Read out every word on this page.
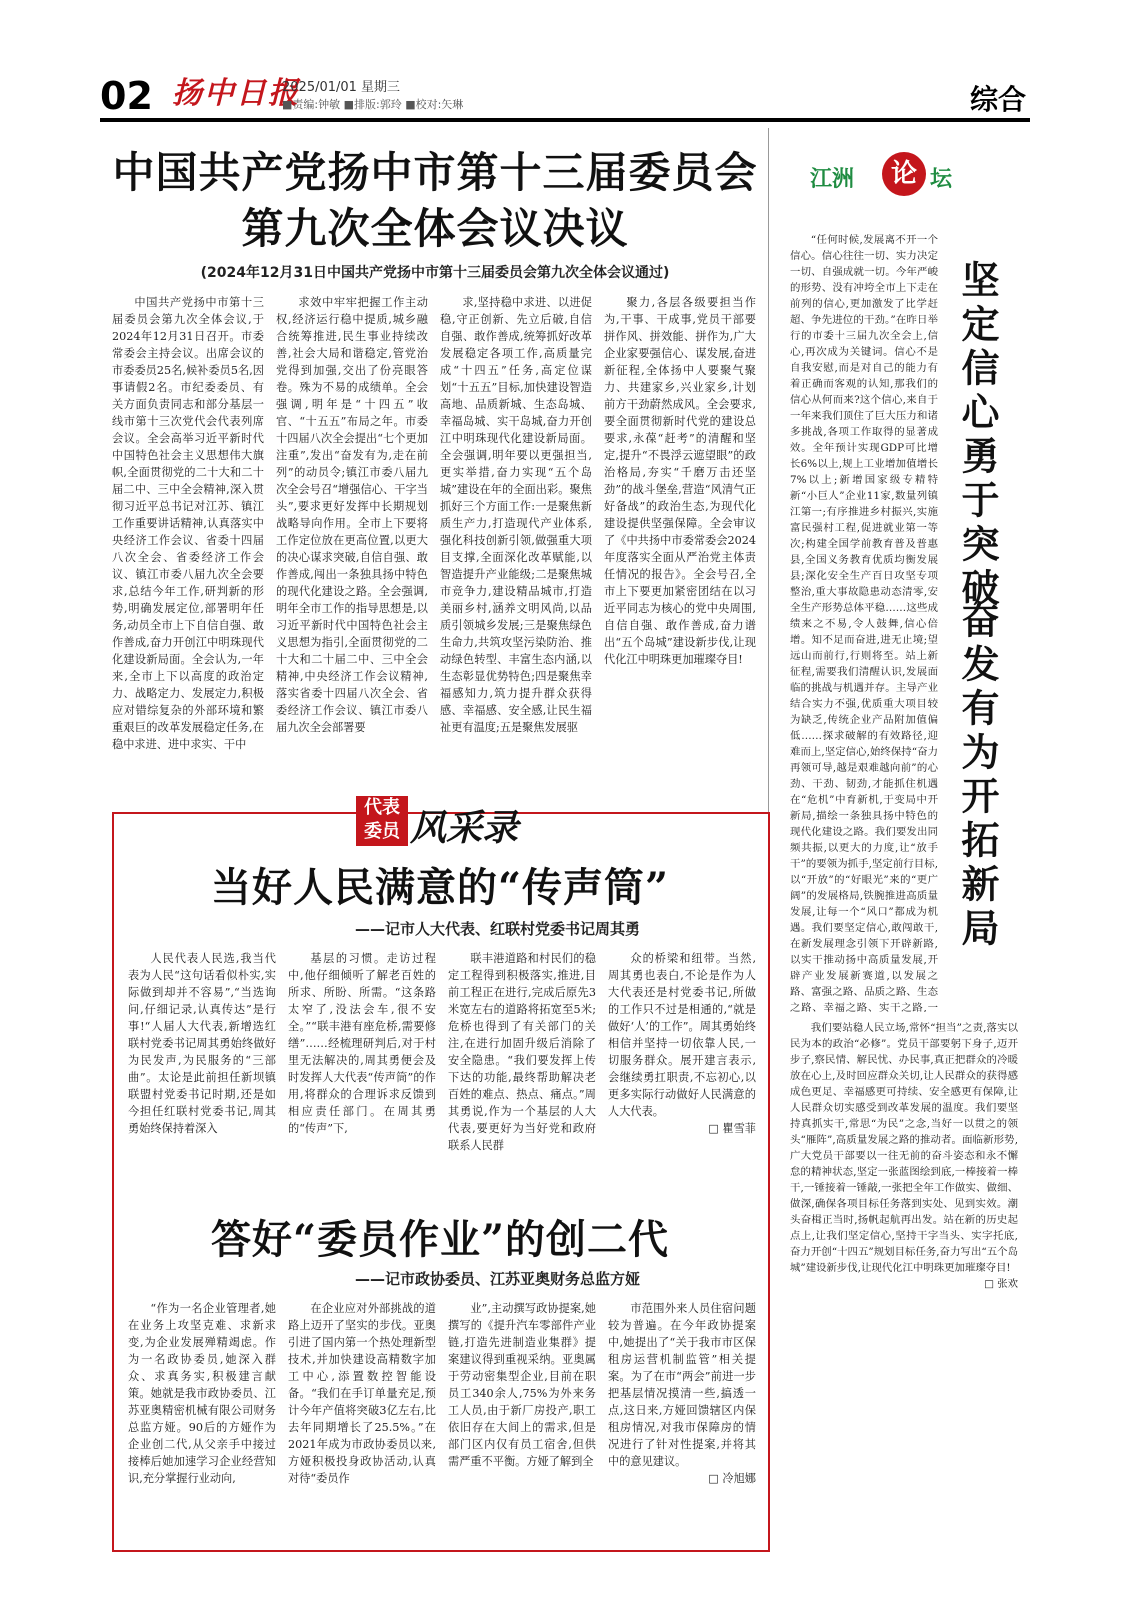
02 扬中日报
2025/01/01 星期三
■责编:钟敏 ■排版:郭玲 ■校对:矢琳	综合
中国共产党扬中市第十三届委员会
第九次全体会议决议
(2024年12月31日中国共产党扬中市第十三届委员会第九次全体会议通过)

中国共产党扬中市第十三届委员会第九次全体会议,于2024年12月31日召开。市委常委会主持会议。出席会议的市委委员25名,候补委员5名,因事请假2名。市纪委委员、有关方面负责同志和部分基层一线市第十三次党代会代表列席会议。全会高举习近平新时代中国特色社会主义思想伟大旗帜,全面贯彻党的二十大和二十届二中、三中全会精神,深入贯彻习近平总书记对江苏、镇江工作重要讲话精神,认真落实中央经济工作会议、省委十四届八次全会、省委经济工作会议、镇江市委八届九次全会要求,总结今年工作,研判新的形势,明确发展定位,部署明年任务,动员全市上下自信自强、敢作善成,奋力开创江中明珠现代化建设新局面。全会认为,一年来,全市上下以高度的政治定力、战略定力、发展定力,积极应对错综复杂的外部环境和繁重艰巨的改革发展稳定任务,在稳中求进、进中求实、干中

求效中牢牢把握工作主动权,经济运行稳中提质,城乡融合统筹推进,民生事业持续改善,社会大局和谐稳定,管党治党得到加强,交出了份亮眼答卷。殊为不易的成绩单。全会强调,明年是“十四五”收官、“十五五”布局之年。市委十四届八次全会提出“七个更加注重”,发出“奋发有为,走在前列”的动员令;镇江市委八届九次全会号召“增强信心、干字当头”,要求更好发挥中长期规划战略导向作用。全市上下要将工作定位放在更高位置,以更大的决心谋求突破,自信自强、敢作善成,闯出一条独具扬中特色的现代化建设之路。全会强调,明年全市工作的指导思想是,以习近平新时代中国特色社会主义思想为指引,全面贯彻党的二十大和二十届二中、三中全会精神,中央经济工作会议精神,落实省委十四届八次全会、省委经济工作会议、镇江市委八届九次全会部署要

求,坚持稳中求进、以进促稳,守正创新、先立后破,自信自强、敢作善成,统筹抓好改革发展稳定各项工作,高质量完成“十四五”任务,高定位谋划“十五五”目标,加快建设智造高地、品质新城、生态岛城、幸福岛城、实干岛城,奋力开创江中明珠现代化建设新局面。全会强调,明年要以更强担当,更实举措,奋力实现“五个岛城”建设在年的全面出彩。聚焦抓好三个方面工作:一是聚焦新质生产力,打造现代产业体系,强化科技创新引领,做强重大项目支撑,全面深化改革赋能,以智造提升产业能级;二是聚焦城市竞争力,建设精品城市,打造美丽乡村,涵养文明风尚,以品质引领城乡发展;三是聚焦绿色生命力,共筑攻坚污染防治、推动绿色转型、丰富生态内涵,以生态彰显优势特色;四是聚焦幸福感知力,筑力提升群众获得感、幸福感、安全感,让民生福祉更有温度;五是聚焦发展驱

聚力,各层各级要担当作为,干事、干成事,党员干部要拼作风、拼效能、拼作为,广大企业家要强信心、谋发展,奋进新征程,全体扬中人要聚气聚力、共建家乡,兴业家乡,计划前方干劲蔚然成风。全会要求,要全面贯彻新时代党的建设总要求,永葆“赶考”的清醒和坚定,提升“不畏浮云遮望眼”的政治格局,夯实“千磨万击还坚劲”的战斗堡垒,营造“风清气正好备战”的政治生态,为现代化建设提供坚强保障。全会审议了《中共扬中市委常委会2024年度落实全面从严治党主体责任情况的报告》。全会号召,全市上下要更加紧密团结在以习近平同志为核心的党中央周围,自信自强、敢作善成,奋力谱出“五个岛城”建设新步伐,让现代化江中明珠更加璀璨夺目!

代表委员 风采录
当好人民满意的“传声筒”
——记市人大代表、红联村党委书记周其勇

人民代表人民选,我当代表为人民“这句话看似朴实,实际做到却并不容易”,“当选询问,仔细记录,认真传达”是行事!“人届人大代表,新增选红联村党委书记周其勇始终做好为民发声,为民服务的“三部曲”。太论是此前担任新坝镇联盟村党委书记时期,还是如今担任红联村党委书记,周其勇始终保持着深入

基层的习惯。走访过程中,他仔细倾听了解老百姓的所求、所盼、所需。“这条路太窄了,没法会车,很不安全。”“联丰港有座危桥,需要修缮”……经梳理研判后,对于村里无法解决的,周其勇便会及时发挥人大代表“传声筒”的作用,将群众的合理诉求反馈到相应责任部门。在周其勇的“传声”下,

联丰港道路和村民们的稳定工程得到积极落实,推进,目前工程正在进行,完成后原先3米宽左右的道路将拓宽至5米;危桥也得到了有关部门的关注,在进行加固升级后消除了安全隐患。“我们要发挥上传下达的功能,最终帮助解决老百姓的难点、热点、痛点。”周其勇说,作为一个基层的人大代表,要更好为当好党和政府联系人民群

众的桥梁和纽带。当然,周其勇也表白,不论是作为人大代表还是村党委书记,所做的工作只不过是相通的,“就是做好‘人’的工作”。周其勇始终相信并坚持一切依靠人民,一切服务群众。展开建言表示,会继续勇扛职责,不忘初心,以更多实际行动做好人民满意的人大代表。

□ 瞿雪菲
答好“委员作业”的创二代
——记市政协委员、江苏亚奥财务总监方娅

“作为一名企业管理者,她在业务上攻坚克难、求新求变,为企业发展殚精竭虑。作为一名政协委员,她深入群众、求真务实,积极建言献策。她就是我市政协委员、江苏亚奥精密机械有限公司财务总监方娅。90后的方娅作为企业创二代,从父亲手中接过接棒后她加速学习企业经营知识,充分掌握行业动向,

在企业应对外部挑战的道路上迈开了坚实的步伐。亚奥引进了国内第一个热处理新型技术,并加快建设高精数字加工中心,添置数控智能设备。“我们在手订单量充足,预计今年产值将突破3亿左右,比去年同期增长了25.5%。”在2021年成为市政协委员以来,方娅积极投身政协活动,认真对待“委员作

业”,主动撰写政协提案,她撰写的《提升汽车零部件产业链,打造先进制造业集群》提案建议得到重视采纳。亚奥属于劳动密集型企业,目前在职员工340余人,75%为外来务工人员,由于新厂房投产,职工依旧存在大间上的需求,但是部门区内仅有员工宿舍,但供需严重不平衡。方娅了解到全

市范围外来人员住宿问题较为普遍。在今年政协提案中,她提出了“关于我市市区保租房运营机制监管”相关提案。为了在市“两会”前进一步把基层情况摸清一些,搞透一点,这日来,方娅回馈辖区内保租房情况,对我市保障房的情况进行了针对性提案,并将其中的意见建议。

□ 冷旭娜
江洲	论 坛
坚定信心勇于突破
奋发有为开拓新局

“任何时候,发展离不开一个信心。信心往往一切、实力决定一切、自强成就一切。今年严峻的形势、没有冲垮全市上下走在前列的信心,更加激发了比学赶超、争先进位的干劲。”在昨日举行的市委十三届九次全会上,信心,再次成为关键词。信心不是自我安慰,而是对自己的能力有着正确而客观的认知,那我们的信心从何而来?这个信心,来自于一年来我们顶住了巨大压力和诸多挑战,各项工作取得的显著成效。全年预计实现GDP可比增长6%以上,规上工业增加值增长7%以上;新增国家级专精特新“小巨人”企业11家,数量列镇江第一;有序推进乡村振兴,实施富民强村工程,促进就业第一等次;构建全国学前教育普及普惠县,全国义务教育优质均衡发展县;深化安全生产百日攻坚专项整治,重大事故隐患动态清零,安全生产形势总体平稳……这些成绩来之不易,令人鼓舞,信心倍增。知不足而奋进,进无止境;望远山而前行,行则将至。站上新征程,需要我们清醒认识,发展面临的挑战与机遇并存。主导产业结合实力不强,优质重大项目较为缺乏,传统企业产品附加值偏低……探求破解的有效路径,迎难而上,坚定信心,始终保持“奋力再领可导,越是艰难越向前”的心劲、干劲、韧劲,才能抓住机遇在“危机”中育新机,于变局中开新局,描绘一条独具扬中特色的现代化建设之路。我们要发出同频共振,以更大的力度,让“放手干”的要领为抓手,坚定前行目标,以“开放”的“好眼光”来的“更广阔”的发展格局,铁腕推进高质量发展,让每一个“风口”都成为机遇。我们要坚定信心,敢闯敢干,在新发展理念引领下开辟新路,以实干推动扬中高质量发展,开辟产业发展新赛道,以发展之路、富强之路、品质之路、生态之路、幸福之路、实干之路,一

我们要站稳人民立场,常怀“担当”之责,落实以民为本的政治“必修”。党员干部要躬下身子,迈开步子,察民情、解民忧、办民事,真正把群众的冷暖放在心上,及时回应群众关切,让人民群众的获得感成色更足、幸福感更可持续、安全感更有保障,让人民群众切实感受到改革发展的温度。我们要坚持真抓实干,常思“为民”之念,当好一以贯之的领头“雁阵”,高质量发展之路的推动者。面临新形势,广大党员干部要以一往无前的奋斗姿态和永不懈怠的精神状态,坚定一张蓝图绘到底,一棒接着一棒干,一锤接着一锤敲,一张把全年工作做实、做细、做深,确保各项目标任务落到实处、见到实效。潮头奋楫正当时,扬帆起航再出发。站在新的历史起点上,让我们坚定信心,坚持干字当头、实字托底,奋力开创“十四五”规划目标任务,奋力写出“五个岛城”建设新步伐,让现代化江中明珠更加璀璨夺目!

□ 张欢
